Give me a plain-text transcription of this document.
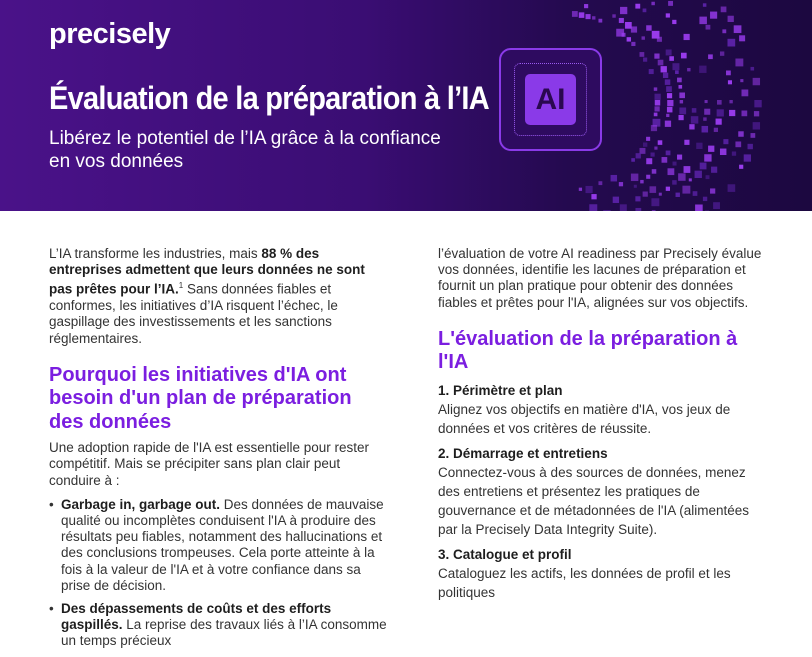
precisely
Évaluation de la préparation à l’IA
Libérez le potentiel de l’IA grâce à la confiance en vos données
AI

L’IA transforme les industries, mais 88 % des entreprises admettent que leurs données ne sont pas prêtes pour l’IA.$^1$ Sans données fiables et conformes, les initiatives d’IA risquent l’échec, le gaspillage des investissements et les sanctions réglementaires.

Pourquoi les initiatives d'IA ont besoin d'un plan de préparation des données

Une adoption rapide de l'IA est essentielle pour rester compétitif. Mais se précipiter sans plan clair peut conduire à :

• Garbage in, garbage out. Des données de mauvaise qualité ou incomplètes conduisent l'IA à produire des résultats peu fiables, notamment des hallucinations et des conclusions trompeuses. Cela porte atteinte à la fois à la valeur de l'IA et à votre confiance dans sa prise de décision.
• Des dépassements de coûts et des efforts gaspillés. La reprise des travaux liés à l’IA consomme un temps précieux

l’évaluation de votre AI readiness par Precisely évalue vos données, identifie les lacunes de préparation et fournit un plan pratique pour obtenir des données fiables et prêtes pour l'IA, alignées sur vos objectifs.

L'évaluation de la préparation à l'IA
1. Périmètre et plan

Alignez vos objectifs en matière d'IA, vos jeux de données et vos critères de réussite.

2. Démarrage et entretiens

Connectez-vous à des sources de données, menez des entretiens et présentez les pratiques de gouvernance et de métadonnées de l'IA (alimentées par la Precisely Data Integrity Suite).

3. Catalogue et profil

Cataloguez les actifs, les données de profil et les politiques
